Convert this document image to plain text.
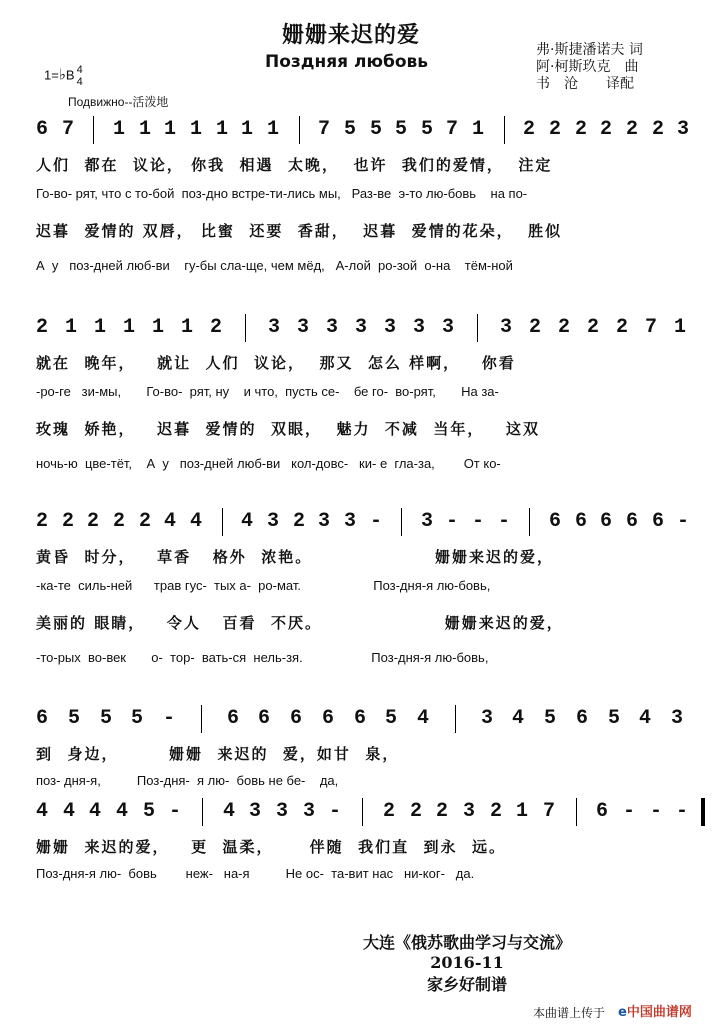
姗姗来迟的爱
Поздняя любовь
弗·斯捷潘诺夫 词
阿·柯斯玖克　曲
书　沧　　译配
1=♭B 4
4
Подвижно--活泼地
6 7 1 1 1 1 1 1 1 7 5 5 5 5 7 1 2 2 2 2 2 2 3
人们  都在  议论， 你我  相遇  太晚，  也许  我们的爱情，  注定
Го-во- рят, что с то-бой  поз-дно встре-ти-лись мы,   Раз-ве  э-то лю-бовь    на по-
迟暮  爱情的 双唇， 比蜜  还要  香甜，  迟暮  爱情的花朵，  胜似
А  у   поз-дней люб-ви    гу-бы сла-ще, чем мёд,   А-лой  ро-зой  о-на    тём-ной
2 1 1 1 1 1 2 3 3 3 3 3 3 3 3 2 2 2 2 7 1
就在  晚年，   就让  人们  议论，  那又  怎么 样啊，   你看
-ро-ге   зи-мы,       Го-во-  рят, ну    и что,  пусть се-    бе го-  во-рят,       На за-
玫瑰  娇艳，   迟暮  爱情的  双眼，  魅力  不减  当年，   这双
ночь-ю  цве-тёт,    А  у   поз-дней люб-ви   кол-довс-   ки- е  гла-за,        От ко-
2 2 2 2 2 4 4 4 3 2 3 3 - 3 - - - 6 6 6 6 6 -
黄昏  时分，   草香   格外  浓艳。                 姗姗来迟的爱，
-ка-те  силь-ней      трав гус-  тых а-  ро-мат.                    Поз-дня-я лю-бовь,
美丽的 眼睛，   令人   百看  不厌。                 姗姗来迟的爱，
-то-рых  во-век       о-  тор-  вать-ся  нель-зя.                   Поз-дня-я лю-бовь,
6 5 5 5 -	6 6 6 6 6 5 4	3 4 5 6 5 4 3
到  身边，       姗姗  来迟的  爱，如甘  泉，
поз- дня-я,          Поз-дня-  я лю-  бовь не бе-    да,
4 4 4 4 5 - 4 3 3 3 - 2 2 2 3 2 1 7 6 - - -
姗姗  来迟的爱，   更  温柔，     伴随  我们直  到永  远。
Поз-дня-я лю-  бовь        неж-   на-я          Не ос-  та-вит нас   ни-ког-   да.
大连《俄苏歌曲学习与交流》
2016-11
家乡好制谱
本曲谱上传于 e中国曲谱网
